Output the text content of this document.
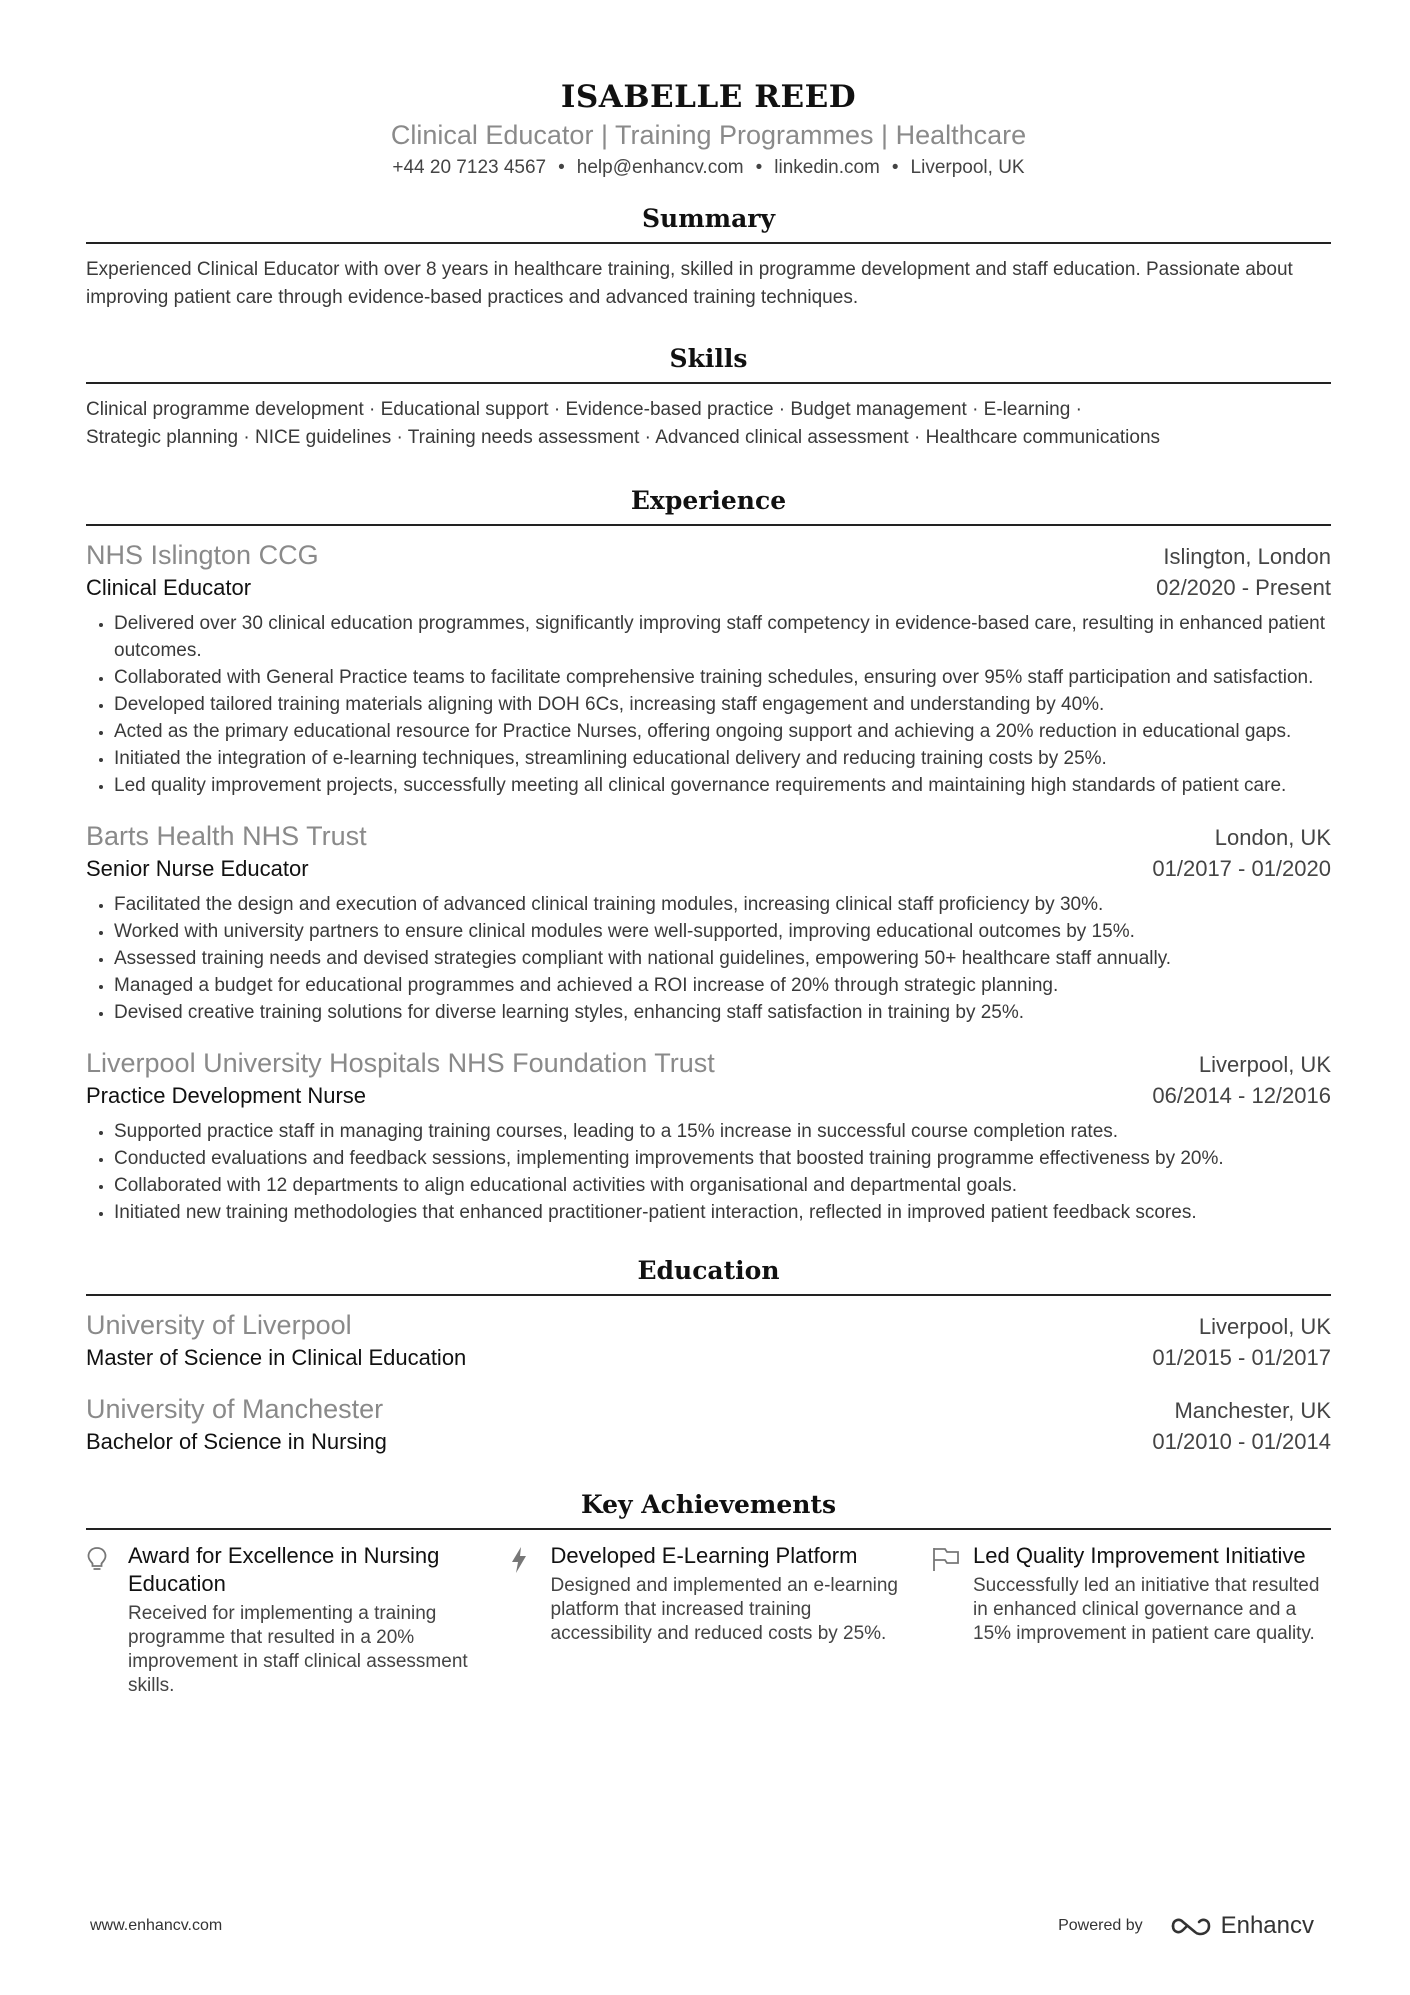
ISABELLE REED
Clinical Educator | Training Programmes | Healthcare
+44 20 7123 4567 • help@enhancv.com • linkedin.com • Liverpool, UK
Summary
Experienced Clinical Educator with over 8 years in healthcare training, skilled in programme development and staff education. Passionate about improving patient care through evidence-based practices and advanced training techniques.
Skills
Clinical programme development · Educational support · Evidence-based practice · Budget management · E-learning ·
Strategic planning · NICE guidelines · Training needs assessment · Advanced clinical assessment · Healthcare communications
Experience
NHS Islington CCG	Islington, London
Clinical Educator	02/2020 - Present
• Delivered over 30 clinical education programmes, significantly improving staff competency in evidence-based care, resulting in enhanced patient outcomes.
• Collaborated with General Practice teams to facilitate comprehensive training schedules, ensuring over 95% staff participation and satisfaction.
• Developed tailored training materials aligning with DOH 6Cs, increasing staff engagement and understanding by 40%.
• Acted as the primary educational resource for Practice Nurses, offering ongoing support and achieving a 20% reduction in educational gaps.
• Initiated the integration of e-learning techniques, streamlining educational delivery and reducing training costs by 25%.
• Led quality improvement projects, successfully meeting all clinical governance requirements and maintaining high standards of patient care.
Barts Health NHS Trust	London, UK
Senior Nurse Educator	01/2017 - 01/2020
• Facilitated the design and execution of advanced clinical training modules, increasing clinical staff proficiency by 30%.
• Worked with university partners to ensure clinical modules were well-supported, improving educational outcomes by 15%.
• Assessed training needs and devised strategies compliant with national guidelines, empowering 50+ healthcare staff annually.
• Managed a budget for educational programmes and achieved a ROI increase of 20% through strategic planning.
• Devised creative training solutions for diverse learning styles, enhancing staff satisfaction in training by 25%.
Liverpool University Hospitals NHS Foundation Trust	Liverpool, UK
Practice Development Nurse	06/2014 - 12/2016
• Supported practice staff in managing training courses, leading to a 15% increase in successful course completion rates.
• Conducted evaluations and feedback sessions, implementing improvements that boosted training programme effectiveness by 20%.
• Collaborated with 12 departments to align educational activities with organisational and departmental goals.
• Initiated new training methodologies that enhanced practitioner-patient interaction, reflected in improved patient feedback scores.
Education
University of Liverpool	Liverpool, UK
Master of Science in Clinical Education	01/2015 - 01/2017
University of Manchester	Manchester, UK
Bachelor of Science in Nursing	01/2010 - 01/2014
Key Achievements
Award for Excellence in Nursing Education
Received for implementing a training programme that resulted in a 20% improvement in staff clinical assessment skills.
Developed E-Learning Platform
Designed and implemented an e-learning platform that increased training accessibility and reduced costs by 25%.
Led Quality Improvement Initiative
Successfully led an initiative that resulted in enhanced clinical governance and a 15% improvement in patient care quality.
www.enhancv.com	Powered by	Enhancv
